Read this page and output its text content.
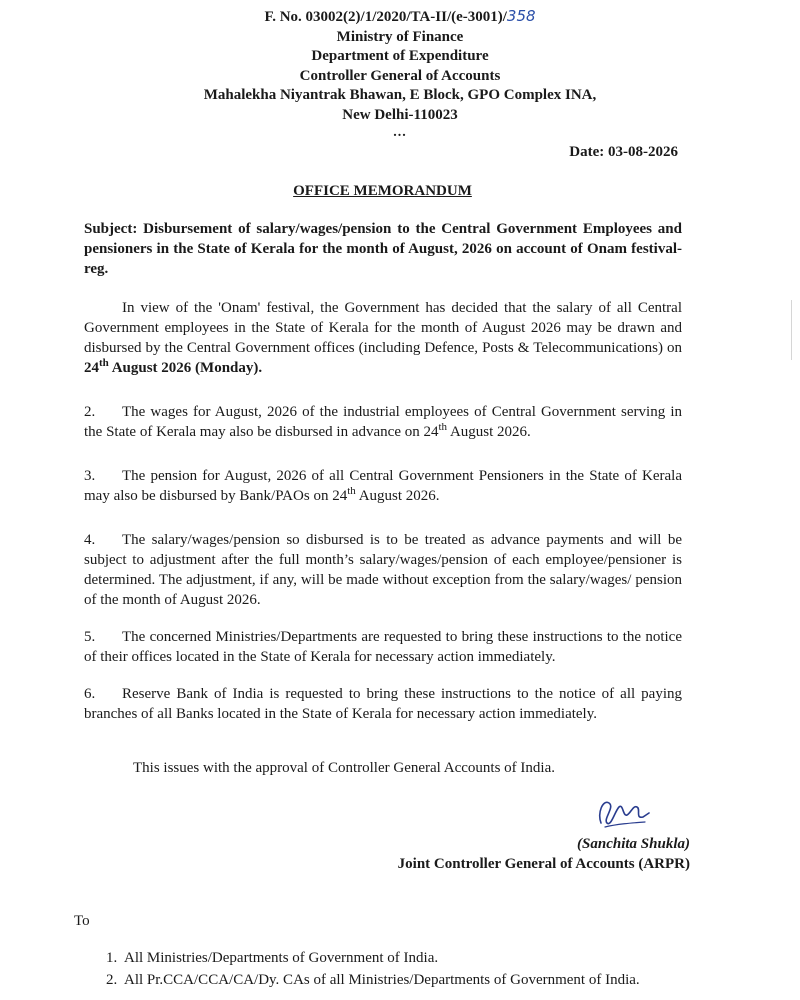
F. No. 03002(2)/1/2020/TA-II/(e-3001)/358
Ministry of Finance
Department of Expenditure
Controller General of Accounts
Mahalekha Niyantrak Bhawan, E Block, GPO Complex INA,
New Delhi-110023
...
Date: 03-08-2026
OFFICE MEMORANDUM
Subject: Disbursement of salary/wages/pension to the Central Government Employees and pensioners in the State of Kerala for the month of August, 2026 on account of Onam festival-reg.
In view of the 'Onam' festival, the Government has decided that the salary of all Central Government employees in the State of Kerala for the month of August 2026 may be drawn and disbursed by the Central Government offices (including Defence, Posts & Telecommunications) on 24th August 2026 (Monday).
2. The wages for August, 2026 of the industrial employees of Central Government serving in the State of Kerala may also be disbursed in advance on 24th August 2026.
3. The pension for August, 2026 of all Central Government Pensioners in the State of Kerala may also be disbursed by Bank/PAOs on 24th August 2026.
4. The salary/wages/pension so disbursed is to be treated as advance payments and will be subject to adjustment after the full month’s salary/wages/pension of each employee/pensioner is determined. The adjustment, if any, will be made without exception from the salary/wages/ pension of the month of August 2026.
5. The concerned Ministries/Departments are requested to bring these instructions to the notice of their offices located in the State of Kerala for necessary action immediately.
6. Reserve Bank of India is requested to bring these instructions to the notice of all paying branches of all Banks located in the State of Kerala for necessary action immediately.
This issues with the approval of Controller General Accounts of India.
(Sanchita Shukla)
Joint Controller General of Accounts (ARPR)
To
1. All Ministries/Departments of Government of India.
2. All Pr.CCA/CCA/CA/Dy. CAs of all Ministries/Departments of Government of India.
